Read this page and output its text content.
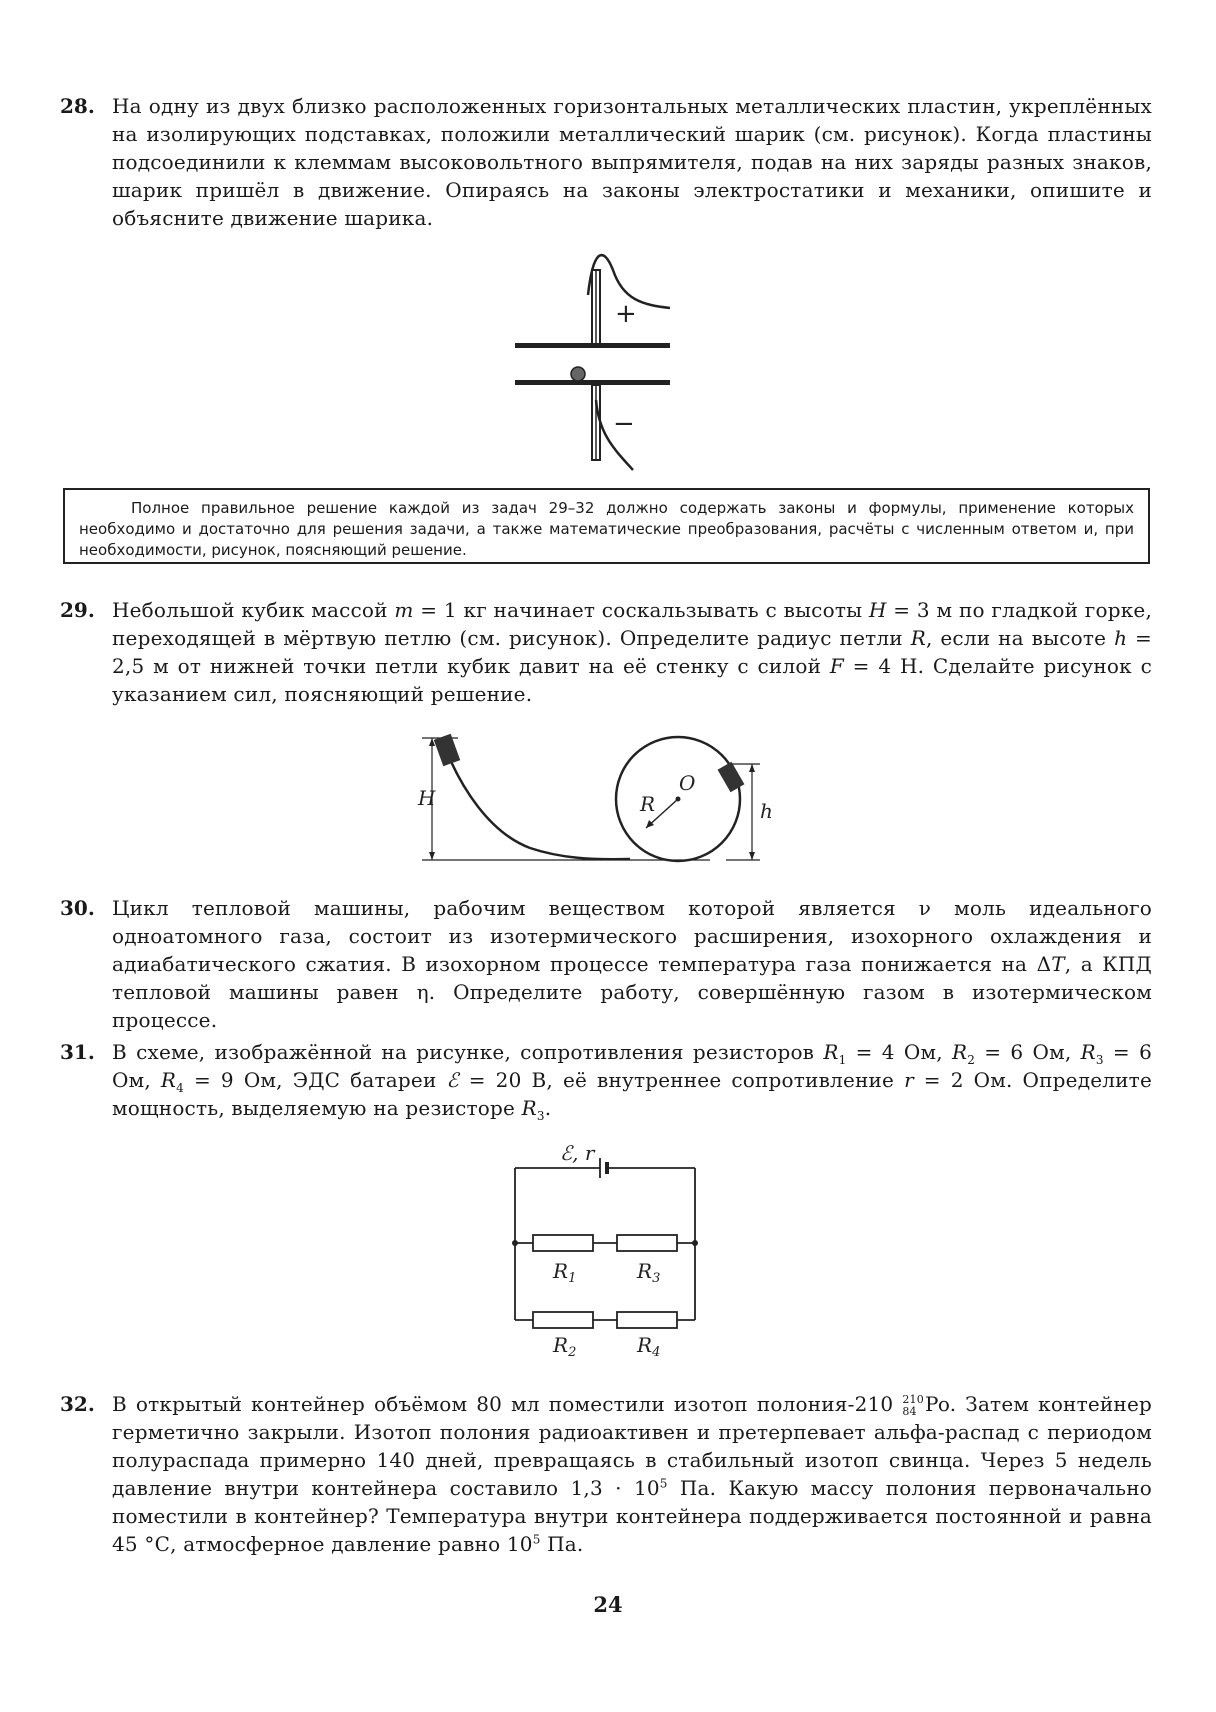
28. На одну из двух близко расположенных горизонтальных металлических пластин, укреплённых на изолирующих подставках, положили металлический шарик (см. рисунок). Когда пластины подсоединили к клеммам высоковольтного выпрямителя, подав на них заряды разных знаков, шарик пришёл в движение. Опираясь на законы электростатики и механики, опишите и объясните движение шарика.
+
−
Полное правильное решение каждой из задач 29–32 должно содержать законы и формулы, применение которых необходимо и достаточно для решения задачи, а также математические преобразования, расчёты с численным ответом и, при необходимости, рисунок, поясняющий решение.
29. Небольшой кубик массой m = 1 кг начинает соскальзывать с высоты H = 3 м по гладкой горке, переходящей в мёртвую петлю (см. рисунок). Определите радиус петли R, если на высоте h = 2,5 м от нижней точки петли кубик давит на её стенку с силой F = 4 Н. Сделайте рисунок с указанием сил, поясняющий решение.
H	R
O
h
30. Цикл тепловой машины, рабочим веществом которой является ν моль идеального одноатомного газа, состоит из изотермического расширения, изохорного охлаждения и адиабатического сжатия. В изохорном процессе температура газа понижается на ΔT, а КПД тепловой машины равен η. Определите работу, совершённую газом в изотермическом процессе.
31. В схеме, изображённой на рисунке, сопротивления резисторов $R_1 = 4$ Ом, $R_2 = 6$ Ом, $R_3 = 6$ Ом, $R_4 = 9$ Ом, ЭДС батареи ℰ = 20 В, её внутреннее сопротивление r = 2 Ом. Определите мощность, выделяемую на резисторе $R_3$.
ℰ, r
$R_1$	$R_3$
$R_2$	$R_4$
32. В открытый контейнер объёмом 80 мл поместили изотоп полония-210 210
84 Po. Затем контейнер герметично закрыли. Изотоп полония радиоактивен и претерпевает альфа-распад с периодом полураспада примерно 140 дней, превращаясь в стабильный изотоп свинца. Через 5 недель давление внутри контейнера составило $1,3 \cdot 10^5$ Па. Какую массу полония первоначально поместили в контейнер? Температура внутри контейнера поддерживается постоянной и равна 45 °С, атмосферное давление равно $10^5$ Па.
24
